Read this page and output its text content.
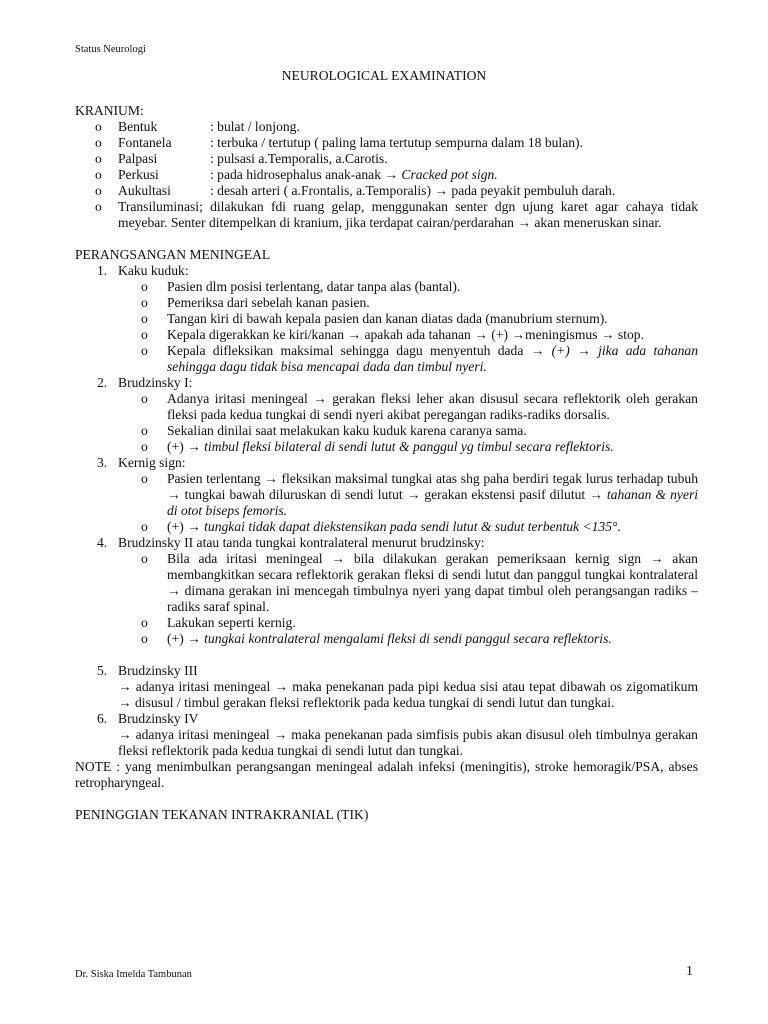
Status Neurologi
NEUROLOGICAL EXAMINATION
KRANIUM:
o Bentuk	: bulat / lonjong.
o Fontanela	: terbuka / tertutup ( paling lama tertutup sempurna dalam 18 bulan).
o Palpasi	: pulsasi a.Temporalis, a.Carotis.
o Perkusi	: pada hidrosephalus anak-anak → Cracked pot sign.
o Aukultasi	: desah arteri ( a.Frontalis, a.Temporalis) → pada peyakit pembuluh darah.
o Transiluminasi; dilakukan fdi ruang gelap, menggunakan senter dgn ujung karet agar cahaya tidak meyebar. Senter ditempelkan di kranium, jika terdapat cairan/perdarahan → akan meneruskan sinar.
PERANGSANGAN MENINGEAL
1. Kaku kuduk:
o Pasien dlm posisi terlentang, datar tanpa alas (bantal).
o Pemeriksa dari sebelah kanan pasien.
o Tangan kiri di bawah kepala pasien dan kanan diatas dada (manubrium sternum).
o Kepala digerakkan ke kiri/kanan → apakah ada tahanan → (+) →meningismus → stop.
o Kepala difleksikan maksimal sehingga dagu menyentuh dada → (+) → jika ada tahanan sehingga dagu tidak bisa mencapai dada dan timbul nyeri.
2. Brudzinsky I:
o Adanya iritasi meningeal → gerakan fleksi leher akan disusul secara reflektorik oleh gerakan fleksi pada kedua tungkai di sendi nyeri akibat peregangan radiks-radiks dorsalis.
o Sekalian dinilai saat melakukan kaku kuduk karena caranya sama.
o (+) → timbul fleksi bilateral di sendi lutut & panggul yg timbul secara reflektoris.
3. Kernig sign:
o Pasien terlentang → fleksikan maksimal tungkai atas shg paha berdiri tegak lurus terhadap tubuh → tungkai bawah diluruskan di sendi lutut → gerakan ekstensi pasif dilutut → tahanan & nyeri di otot biseps femoris.
o (+) → tungkai tidak dapat diekstensikan pada sendi lutut & sudut terbentuk <135°.
4. Brudzinsky II atau tanda tungkai kontralateral menurut brudzinsky:
o Bila ada iritasi meningeal → bila dilakukan gerakan pemeriksaan kernig sign → akan membangkitkan secara reflektorik gerakan fleksi di sendi lutut dan panggul tungkai kontralateral → dimana gerakan ini mencegah timbulnya nyeri yang dapat timbul oleh perangsangan radiks –radiks saraf spinal.
o Lakukan seperti kernig.
o (+) → tungkai kontralateral mengalami fleksi di sendi panggul secara reflektoris.
5. Brudzinsky III
→ adanya iritasi meningeal → maka penekanan pada pipi kedua sisi atau tepat dibawah os zigomatikum → disusul / timbul gerakan fleksi reflektorik pada kedua tungkai di sendi lutut dan tungkai.
6. Brudzinsky IV
→ adanya iritasi meningeal → maka penekanan pada simfisis pubis akan disusul oleh timbulnya gerakan fleksi reflektorik pada kedua tungkai di sendi lutut dan tungkai.
NOTE : yang menimbulkan perangsangan meningeal adalah infeksi (meningitis), stroke hemoragik/PSA, abses retropharyngeal.
PENINGGIAN TEKANAN INTRAKRANIAL (TIK)
Dr. Siska Imelda Tambunan	1
